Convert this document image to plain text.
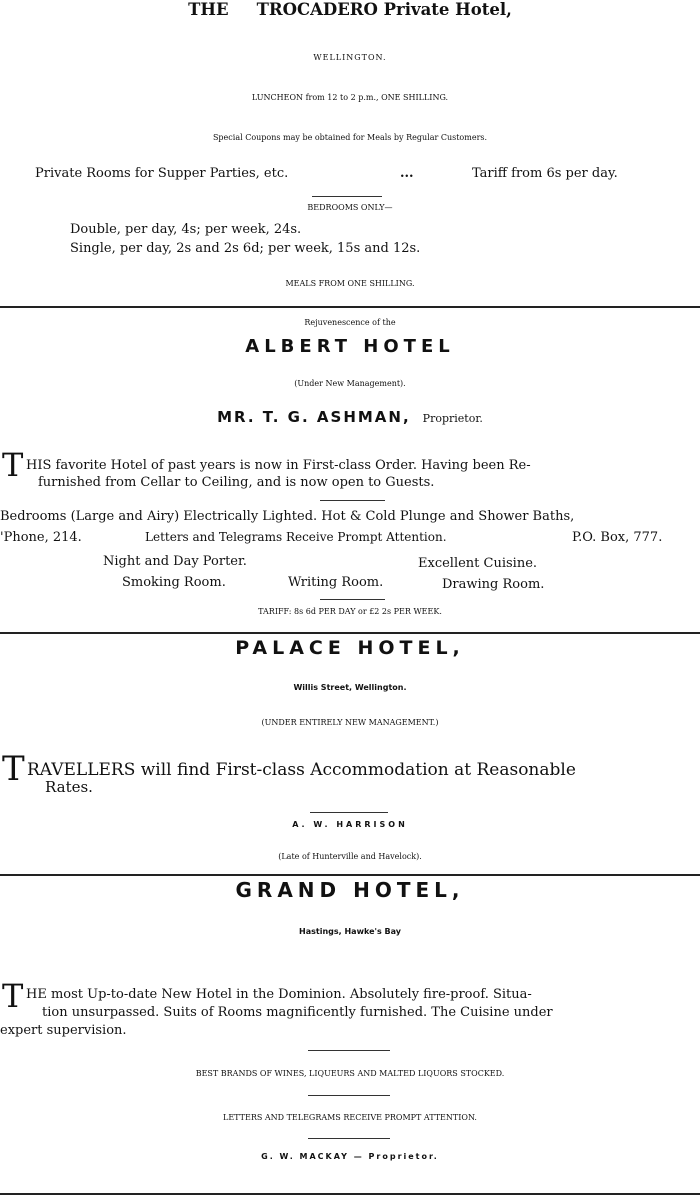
THE TROCADERO Private Hotel,
WELLINGTON.
LUNCHEON from 12 to 2 p.m., ONE SHILLING.
Special Coupons may be obtained for Meals by Regular Customers.
Private Rooms for Supper Parties, etc.	...	Tariff from 6s per day.
BEDROOMS ONLY—
Double, per day, 4s; per week, 24s.
Single, per day, 2s and 2s 6d; per week, 15s and 12s.
MEALS FROM ONE SHILLING.
Rejuvenescence of the
ALBERT HOTEL
(Under New Management).
MR. T. G. ASHMAN, Proprietor.
T HIS favorite Hotel of past years is now in First-class Order. Having been Re-
furnished from Cellar to Ceiling, and is now open to Guests.
Bedrooms (Large and Airy) Electrically Lighted. Hot & Cold Plunge and Shower Baths,
'Phone, 214.	Letters and Telegrams Receive Prompt Attention.	P.O. Box, 777.
Night and Day Porter.	Excellent Cuisine.
Smoking Room.	Writing Room.	Drawing Room.
TARIFF: 8s 6d PER DAY or £2 2s PER WEEK.
PALACE HOTEL,
Willis Street, Wellington.
(UNDER ENTIRELY NEW MANAGEMENT.)
T RAVELLERS will find First-class Accommodation at Reasonable
Rates.
A. W. HARRISON
(Late of Hunterville and Havelock).
GRAND HOTEL,
Hastings, Hawke's Bay
T HE most Up-to-date New Hotel in the Dominion. Absolutely fire-proof. Situa-
tion unsurpassed. Suits of Rooms magnificently furnished. The Cuisine under
expert supervision.
BEST BRANDS OF WINES, LIQUEURS AND MALTED LIQUORS STOCKED.
LETTERS AND TELEGRAMS RECEIVE PROMPT ATTENTION.
G. W. MACKAY — Proprietor.
